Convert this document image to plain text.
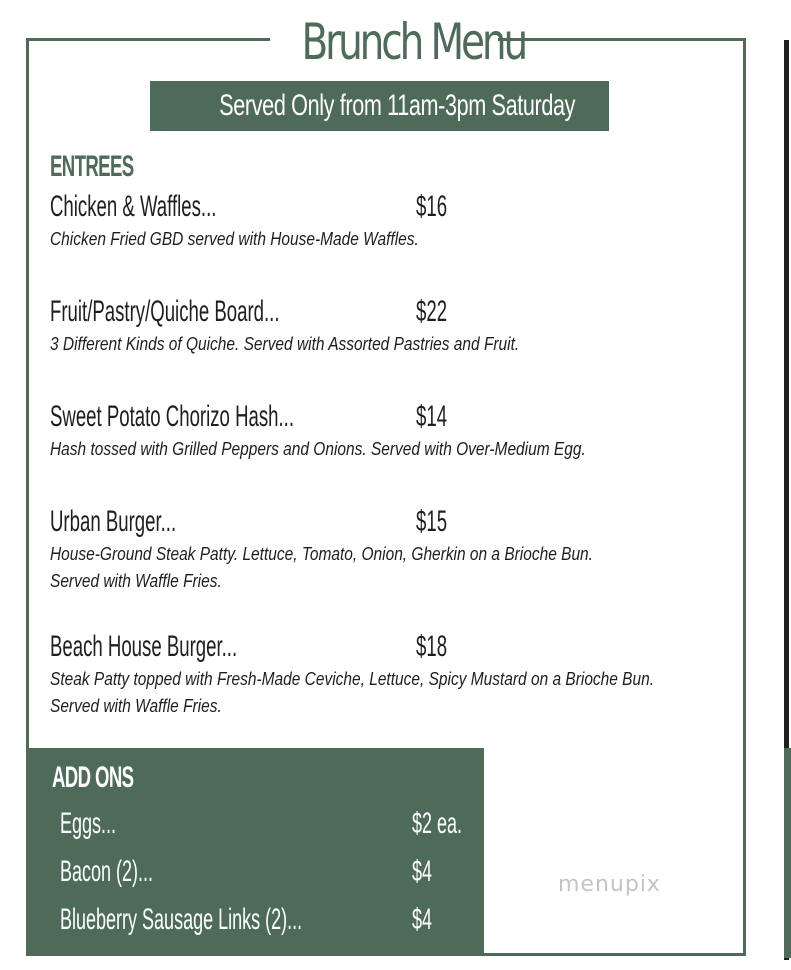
Brunch Menu
Served Only from 11am-3pm Saturday
ENTREES
Chicken & Waffles...	$16
Chicken Fried GBD served with House-Made Waffles.
Fruit/Pastry/Quiche Board...	$22
3 Different Kinds of Quiche. Served with Assorted Pastries and Fruit.
Sweet Potato Chorizo Hash...	$14
Hash tossed with Grilled Peppers and Onions. Served with Over-Medium Egg.
Urban Burger...	$15
House-Ground Steak Patty. Lettuce, Tomato, Onion, Gherkin on a Brioche Bun.
Served with Waffle Fries.
Beach House Burger...	$18
Steak Patty topped with Fresh-Made Ceviche, Lettuce, Spicy Mustard on a Brioche Bun.
Served with Waffle Fries.
ADD ONS
Eggs...	$2 ea.
Bacon (2)...	$4
Blueberry Sausage Links (2)...	$4
menupix
